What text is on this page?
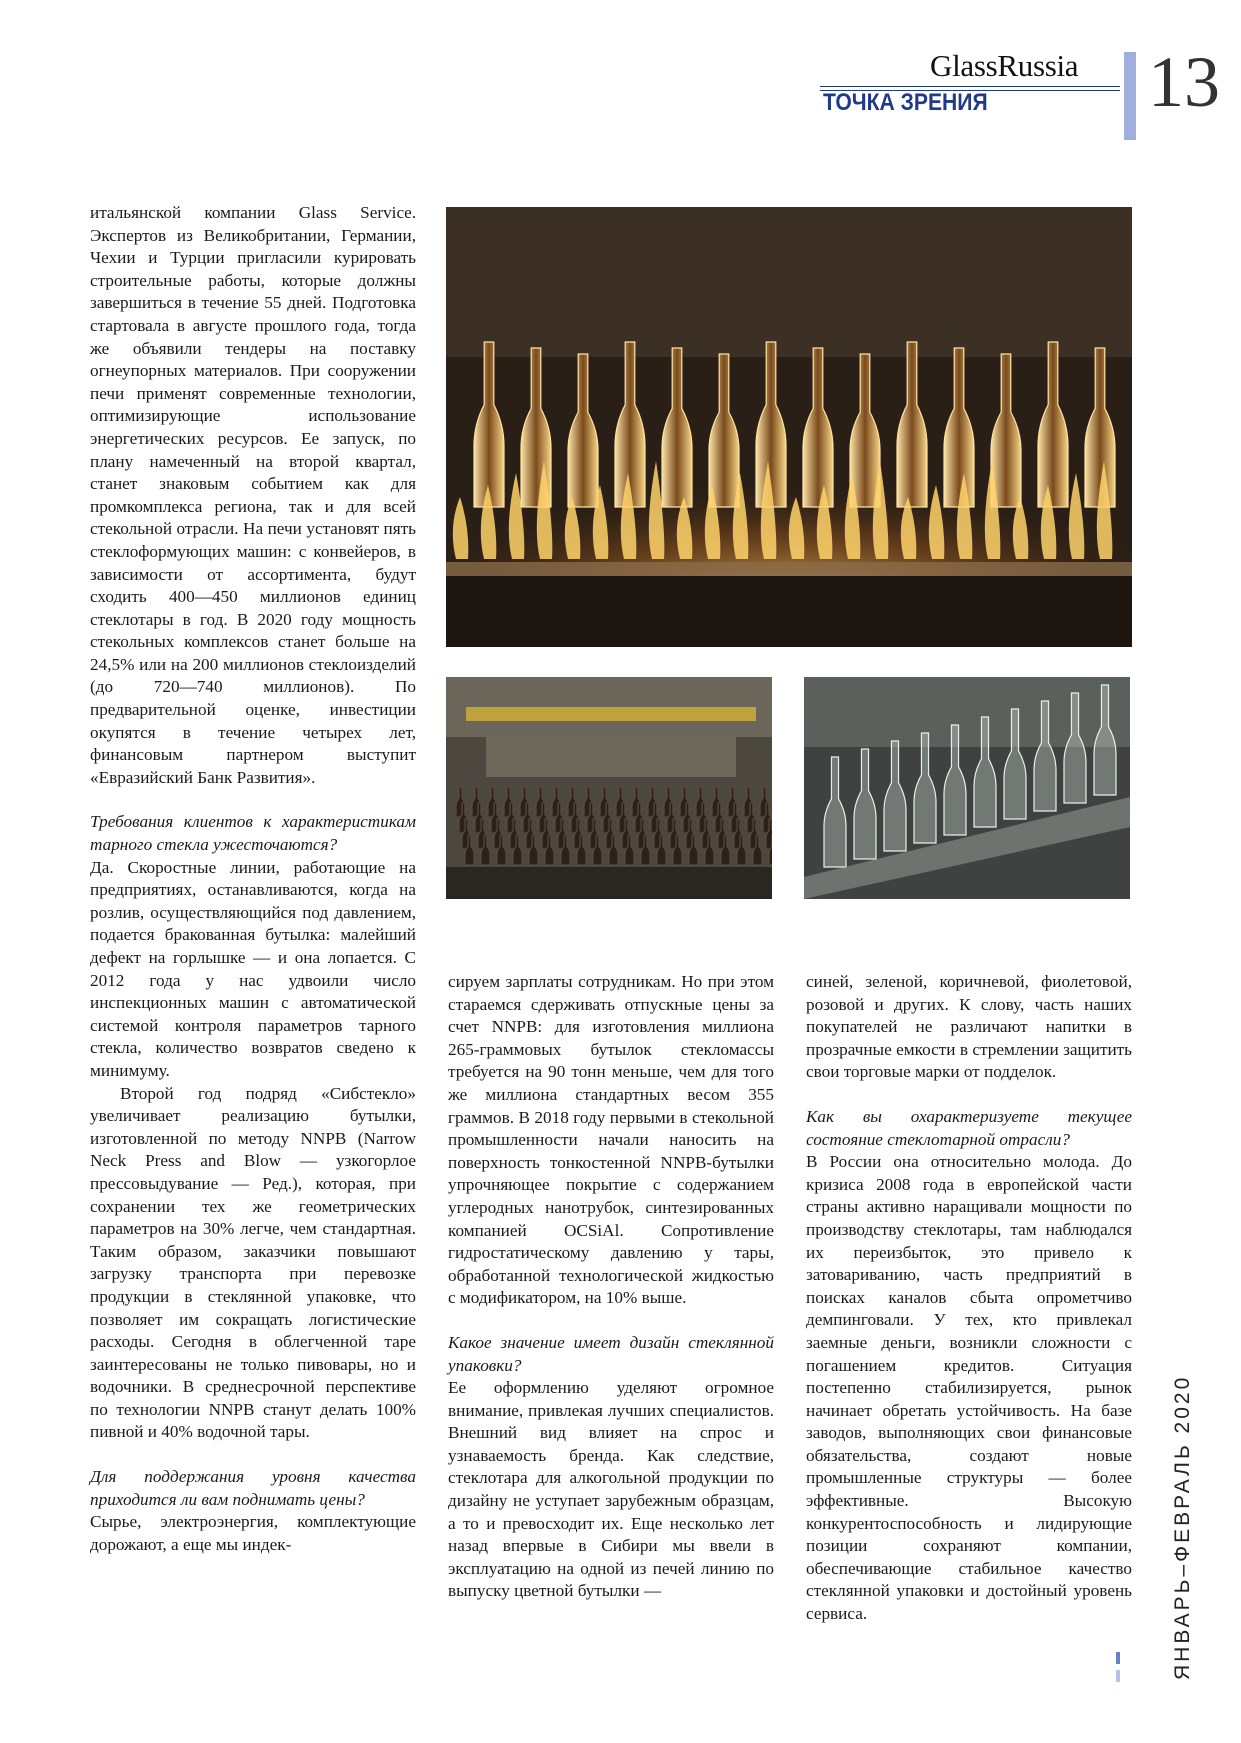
GlassRussia
ТОЧКА ЗРЕНИЯ 13

итальянской компании Glass Service. Экспертов из Великобритании, Германии, Чехии и Турции пригласили курировать строительные работы, которые должны завершиться в течение 55 дней. Подготовка стартовала в августе прошлого года, тогда же объявили тендеры на поставку огнеупорных материалов. При сооружении печи применят современные технологии, оптимизирующие использование энергетических ресурсов. Ее запуск, по плану намеченный на второй квартал, станет знаковым событием как для промкомплекса региона, так и для всей стекольной отрасли. На печи установят пять стеклоформующих машин: с конвейеров, в зависимости от ассортимента, будут сходить 400—450 миллионов единиц стеклотары в год. В 2020 году мощность стекольных комплексов станет больше на 24,5% или на 200 миллионов стеклоизделий (до 720—740 миллионов). По предварительной оценке, инвестиции окупятся в течение четырех лет, финансовым партнером выступит «Евразийский Банк Развития».

Требования клиентов к характеристикам тарного стекла ужесточаются?

Да. Скоростные линии, работающие на предприятиях, останавливаются, когда на розлив, осуществляющийся под давлением, подается бракованная бутылка: малейший дефект на горлышке — и она лопается. С 2012 года у нас удвоили число инспекционных машин с автоматической системой контроля параметров тарного стекла, количество возвратов сведено к минимуму.

Второй год подряд «Сибстекло» увеличивает реализацию бутылки, изготовленной по методу NNPB (Narrow Neck Press and Blow — узкогорлое прессовыдувание — Ред.), которая, при сохранении тех же геометрических параметров на 30% легче, чем стандартная. Таким образом, заказчики повышают загрузку транспорта при перевозке продукции в стеклянной упаковке, что позволяет им сокращать логистические расходы. Сегодня в облегченной таре заинтересованы не только пивовары, но и водочники. В среднесрочной перспективе по технологии NNPB станут делать 100% пивной и 40% водочной тары.

Для поддержания уровня качества приходится ли вам поднимать цены?

Сырье, электроэнергия, комплектующие дорожают, а еще мы индек-

сируем зарплаты сотрудникам. Но при этом стараемся сдерживать отпускные цены за счет NNPB: для изготовления миллиона 265-граммовых бутылок стекломассы требуется на 90 тонн меньше, чем для того же миллиона стандартных весом 355 граммов. В 2018 году первыми в стекольной промышленности начали наносить на поверхность тонкостенной NNPB-бутылки упрочняющее покрытие с содержанием углеродных нанотрубок, синтезированных компанией OCSiAl. Сопротивление гидростатическому давлению у тары, обработанной технологической жидкостью с модификатором, на 10% выше.

Какое значение имеет дизайн стеклянной упаковки?

Ее оформлению уделяют огромное внимание, привлекая лучших специалистов. Внешний вид влияет на спрос и узнаваемость бренда. Как следствие, стеклотара для алкогольной продукции по дизайну не уступает зарубежным образцам, а то и превосходит их. Еще несколько лет назад впервые в Сибири мы ввели в эксплуатацию на одной из печей линию по выпуску цветной бутылки —

синей, зеленой, коричневой, фиолетовой, розовой и других. К слову, часть наших покупателей не различают напитки в прозрачные емкости в стремлении защитить свои торговые марки от подделок.

Как вы охарактеризуете текущее состояние стеклотарной отрасли?

В России она относительно молода. До кризиса 2008 года в европейской части страны активно наращивали мощности по производству стеклотары, там наблюдался их переизбыток, это привело к затовариванию, часть предприятий в поисках каналов сбыта опрометчиво демпинговали. У тех, кто привлекал заемные деньги, возникли сложности с погашением кредитов. Ситуация постепенно стабилизируется, рынок начинает обретать устойчивость. На базе заводов, выполняющих свои финансовые обязательства, создают новые промышленные структуры — более эффективные. Высокую конкурентоспособность и лидирующие позиции сохраняют компании, обеспечивающие стабильное качество стеклянной упаковки и достойный уровень сервиса.	ЯНВАРЬ–ФЕВРАЛЬ 2020
